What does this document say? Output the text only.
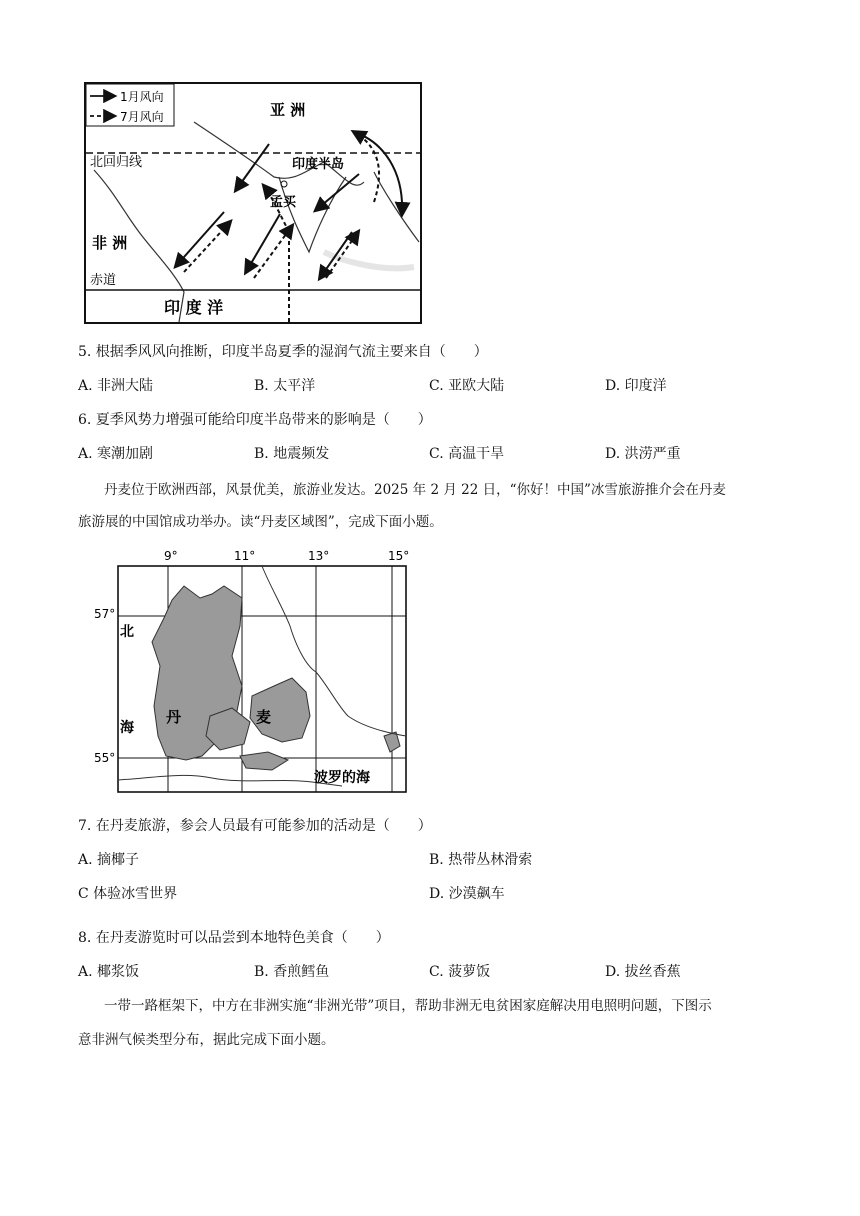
1月风向
7月风向
北回归线
赤道
亚 洲
印度半岛
孟买
非 洲
印 度 洋
5. 根据季风风向推断，印度半岛夏季的湿润气流主要来自（　　）
A. 非洲大陆	B. 太平洋	C. 亚欧大陆	D. 印度洋
6. 夏季风势力增强可能给印度半岛带来的影响是（　　）
A. 寒潮加剧	B. 地震频发	C. 高温干旱	D. 洪涝严重
丹麦位于欧洲西部，风景优美，旅游业发达。2025 年 2 月 22 日，“你好！中国”冰雪旅游推介会在丹麦
旅游展的中国馆成功举办。读“丹麦区域图”，完成下面小题。
9°	11°	13°	15°
57°
55°
北
海
丹	麦
波罗的海
7. 在丹麦旅游，参会人员最有可能参加的活动是（　　）
A. 摘椰子	B. 热带丛林滑索
C 体验冰雪世界	D. 沙漠飙车
8. 在丹麦游览时可以品尝到本地特色美食（　　）
A. 椰浆饭	B. 香煎鳕鱼	C. 菠萝饭	D. 拔丝香蕉
一带一路框架下，中方在非洲实施“非洲光带”项目，帮助非洲无电贫困家庭解决用电照明问题，下图示
意非洲气候类型分布，据此完成下面小题。
